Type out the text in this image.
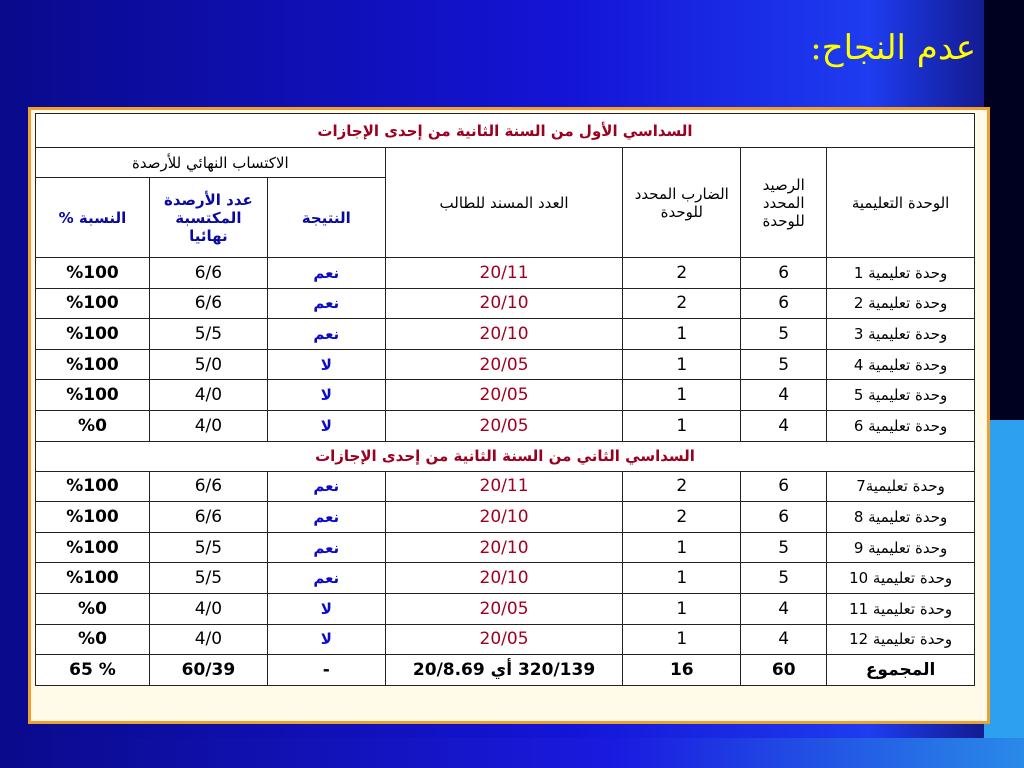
عدم النجاح:
السداسي الأول من السنة الثانية من إحدى الإجازات						
الوحدة التعليمية	الرصيد المحدد للوحدة	الضارب المحدد للوحدة	العدد المسند للطالب	الاكتساب النهائي للأرصدة		
				النتيجة	عدد الأرصدة المكتسبة نهائيا	النسبة %
وحدة تعليمية 1	6	2	20/11	نعم	6/6	%100
وحدة تعليمية 2	6	2	20/10	نعم	6/6	%100
وحدة تعليمية 3	5	1	20/10	نعم	5/5	%100
وحدة تعليمية 4	5	1	20/05	لا	5/0	%100
وحدة تعليمية 5	4	1	20/05	لا	4/0	%100
وحدة تعليمية 6	4	1	20/05	لا	4/0	%0
السداسي الثاني من السنة الثانية من إحدى الإجازات						
وحدة تعليمية7	6	2	20/11	نعم	6/6	%100
وحدة تعليمية 8	6	2	20/10	نعم	6/6	%100
وحدة تعليمية 9	5	1	20/10	نعم	5/5	%100
وحدة تعليمية 10	5	1	20/10	نعم	5/5	%100
وحدة تعليمية 11	4	1	20/05	لا	4/0	%0
وحدة تعليمية 12	4	1	20/05	لا	4/0	%0
المجموع	60	16	320/139 أي 20/8.69	-	60/39	% 65
